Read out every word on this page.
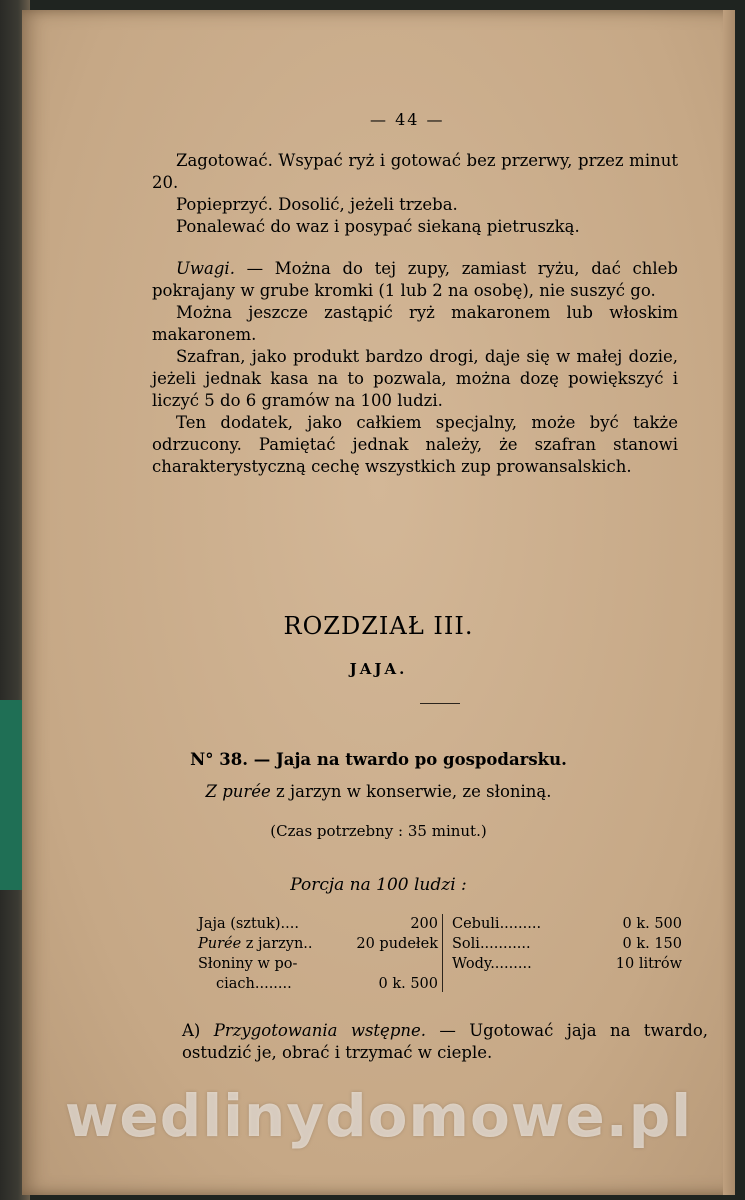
— 44 —

Zagotować. Wsypać ryż i gotować bez przerwy, przez minut 20.

Popieprzyć. Dosolić, jeżeli trzeba.

Ponalewać do waz i posypać siekaną pietruszką.

Uwagi. — Można do tej zupy, zamiast ryżu, dać chleb pokrajany w grube kromki (1 lub 2 na osobę), nie suszyć go.

Można jeszcze zastąpić ryż makaronem lub włoskim makaronem.

Szafran, jako produkt bardzo drogi, daje się w małej dozie, jeżeli jednak kasa na to pozwala, można dozę powiększyć i liczyć 5 do 6 gramów na 100 ludzi.

Ten dodatek, jako całkiem specjalny, może być także odrzucony. Pamiętać jednak należy, że szafran stanowi charakterystyczną cechę wszystkich zup prowansalskich.

ROZDZIAŁ III.
JAJA.
N° 38. — Jaja na twardo po gospodarsku.
Z purée z jarzyn w konserwie, ze słoniną.
(Czas potrzebny : 35 minut.)
Porcja na 100 ludzi :
Jaja (sztuk)....	200
Purée z jarzyn..	20 pudełek
Słoniny w po-
ciach........	0 k. 500
Cebuli.........	0 k. 500
Soli...........	0 k. 150
Wody.........	10 litrów

A) Przygotowania wstępne. — Ugotować jaja na twardo, ostudzić je, obrać i trzymać w cieple.

wedlinydomowe.pl
